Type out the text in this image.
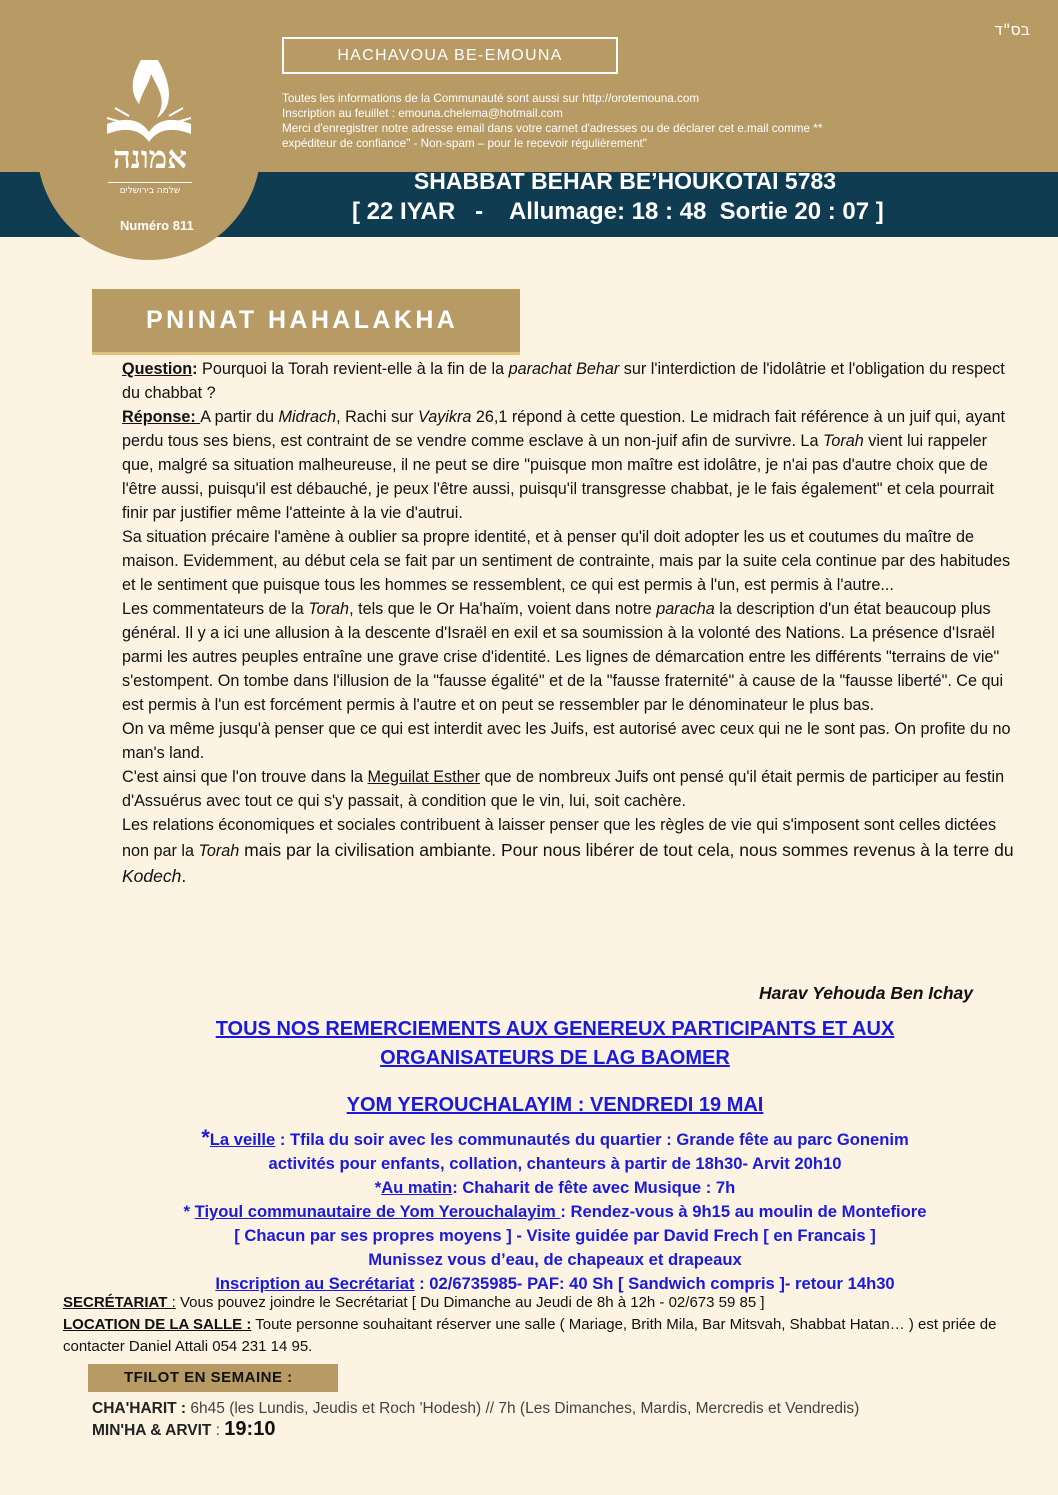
בס"ד
אמונה
שלמה בירושלים
Numéro 811
HACHAVOUA BE-EMOUNA
Toutes les informations de la Communauté sont aussi sur http://orotemouna.com
Inscription au feuillet : emouna.chelema@hotmail.com
Merci d'enregistrer notre adresse email dans votre carnet d'adresses ou de déclarer cet e.mail comme **
expéditeur de confiance" - Non-spam – pour le recevoir régulièrement"
SHABBAT BEHAR BE’HOUKOTAI 5783
[ 22 IYAR   -    Allumage: 18 : 48  Sortie 20 : 07 ]
PNINAT HAHALAKHA

Question: Pourquoi la Torah revient-elle à la fin de la parachat Behar sur l'interdiction de l'idolâtrie et l'obligation du respect du chabbat ?

Réponse: A partir du Midrach, Rachi sur Vayikra 26,1 répond à cette question. Le midrach fait référence à un juif qui, ayant perdu tous ses biens, est contraint de se vendre comme esclave à un non-juif afin de survivre. La Torah vient lui rappeler que, malgré sa situation malheureuse, il ne peut se dire "puisque mon maître est idolâtre, je n'ai pas d'autre choix que de l'être aussi, puisqu'il est débauché, je peux l'être aussi, puisqu'il transgresse chabbat, je le fais également" et cela pourrait finir par justifier même l'atteinte à la vie d'autrui.

Sa situation précaire l'amène à oublier sa propre identité, et à penser qu'il doit adopter les us et coutumes du maître de maison. Evidemment, au début cela se fait par un sentiment de contrainte, mais par la suite cela continue par des habitudes et le sentiment que puisque tous les hommes se ressemblent, ce qui est permis à l'un, est permis à l'autre...

Les commentateurs de la Torah, tels que le Or Ha'haïm, voient dans notre paracha la description d'un état beaucoup plus général. Il y a ici une allusion à la descente d'Israël en exil et sa soumission à la volonté des Nations. La présence d'Israël parmi les autres peuples entraîne une grave crise d'identité. Les lignes de démarcation entre les différents "terrains de vie" s'estompent. On tombe dans l'illusion de la "fausse égalité" et de la "fausse fraternité" à cause de la "fausse liberté". Ce qui est permis à l'un est forcément permis à l'autre et on peut se ressembler par le dénominateur le plus bas.

On va même jusqu'à penser que ce qui est interdit avec les Juifs, est autorisé avec ceux qui ne le sont pas. On profite du no man's land.

C'est ainsi que l'on trouve dans la Meguilat Esther que de nombreux Juifs ont pensé qu'il était permis de participer au festin d'Assuérus avec tout ce qui s'y passait, à condition que le vin, lui, soit cachère.

Les relations économiques et sociales contribuent à laisser penser que les règles de vie qui s'imposent sont celles dictées non par la Torah mais par la civilisation ambiante. Pour nous libérer de tout cela, nous sommes revenus à la terre du Kodech.

Harav Yehouda Ben Ichay
TOUS NOS REMERCIEMENTS AUX GENEREUX PARTICIPANTS ET AUX
ORGANISATEURS DE LAG BAOMER
YOM YEROUCHALAYIM : VENDREDI 19 MAI
*La veille : Tfila du soir avec les communautés du quartier : Grande fête au parc Gonenim
activités pour enfants, collation, chanteurs à partir de 18h30- Arvit 20h10
*Au matin: Chaharit de fête avec Musique : 7h
* Tiyoul communautaire de Yom Yerouchalayim : Rendez-vous à 9h15 au moulin de Montefiore
[ Chacun par ses propres moyens ] - Visite guidée par David Frech [ en Francais ]
Munissez vous d’eau, de chapeaux et drapeaux
Inscription au Secrétariat : 02/6735985- PAF: 40 Sh [ Sandwich compris ]- retour 14h30
SECRÉTARIAT : Vous pouvez joindre le Secrétariat [ Du Dimanche au Jeudi de 8h à 12h - 02/673 59 85 ]
LOCATION DE LA SALLE : Toute personne souhaitant réserver une salle ( Mariage, Brith Mila, Bar Mitsvah, Shabbat Hatan… ) est priée de contacter Daniel Attali 054 231 14 95.
TFILOT EN SEMAINE :
CHA'HARIT : 6h45 (les Lundis, Jeudis et Roch 'Hodesh) // 7h (Les Dimanches, Mardis, Mercredis et Vendredis)
MIN'HA & ARVIT : 19:10
